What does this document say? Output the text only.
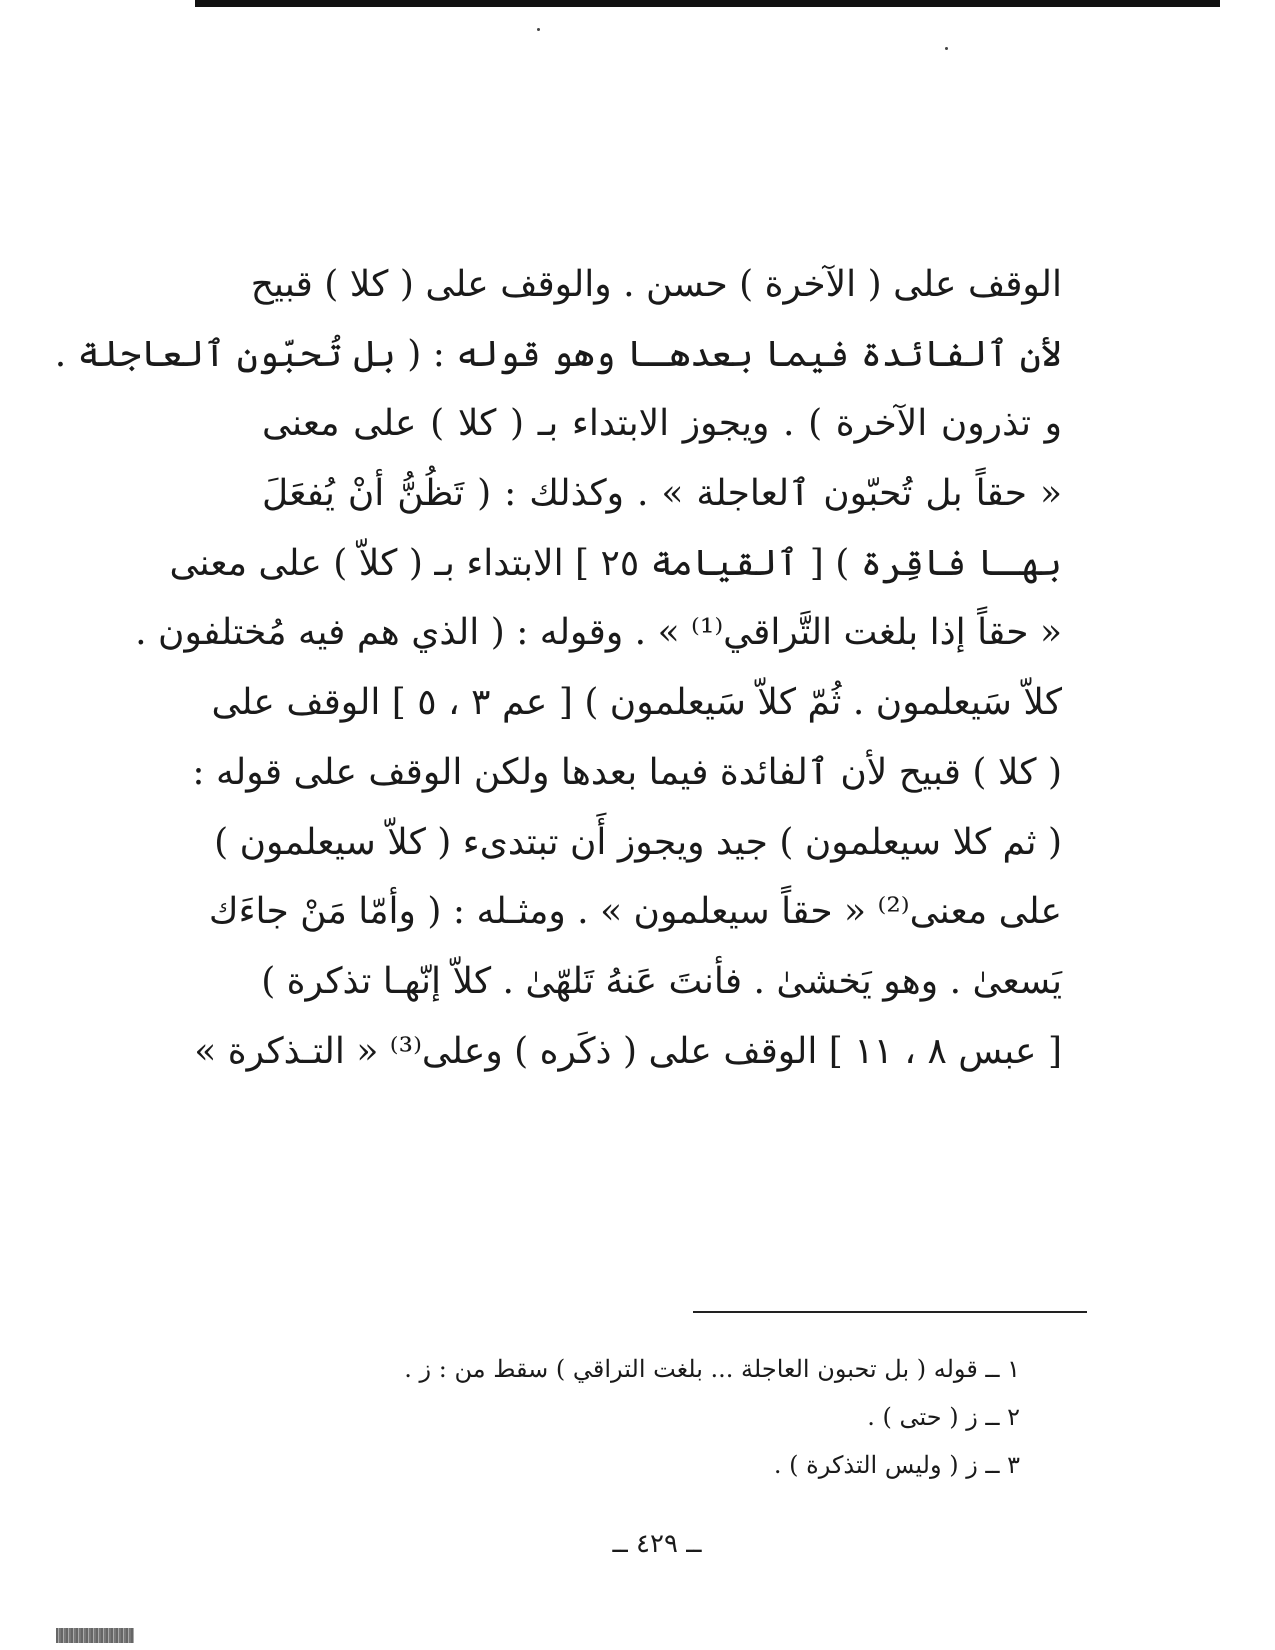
الوقف على ( الآخرة ) حسن . والوقف على ( كلا ) قبيح
لأن ٱلفائدة فيما بعدهـا وهو قوله : ( بل تُحبّون ٱلعاجلة .
و تذرون الآخرة ) . ويجوز الابتداء بـ ( كلا ) على معنى
« حقاً بل تُحبّون ٱلعاجلة » . وكذلك : ( تَظُنُّ أنْ يُفعَلَ
بهـا فاقِرة ) [ ٱلقيامة ٢٥ ] الابتداء بـ ( كلاّ ) على معنى
« حقاً إذا بلغت التَّراقي⁽¹⁾ » . وقوله : ( الذي هم فيه مُختلفون .
كلاّ سَيعلمون . ثُمّ كلاّ سَيعلمون ) [ عم ٣ ، ٥ ] الوقف على
( كلا ) قبيح لأن ٱلفائدة فيما بعدها ولكن الوقف على قوله :
( ثم كلا سيعلمون ) جيد ويجوز أَن تبتدىء ( كلاّ سيعلمون )
على معنى⁽²⁾ « حقاً سيعلمون » . ومثـله : ( وأمّا مَنْ جاءَك
يَسعىٰ . وهو يَخشىٰ . فأنتَ عَنهُ تَلهّىٰ . كلاّ إنّهـا تذكرة )
[ عبس ٨ ، ١١ ] الوقف على ( ذكَره ) وعلى⁽³⁾ « التـذكرة »
١ ــ قوله ( بل تحبون العاجلة ... بلغت التراقي ) سقط من : ز .
٢ ــ ز ( حتى ) .
٣ ــ ز ( وليس التذكرة ) .
ــ ٤٢٩ ــ
